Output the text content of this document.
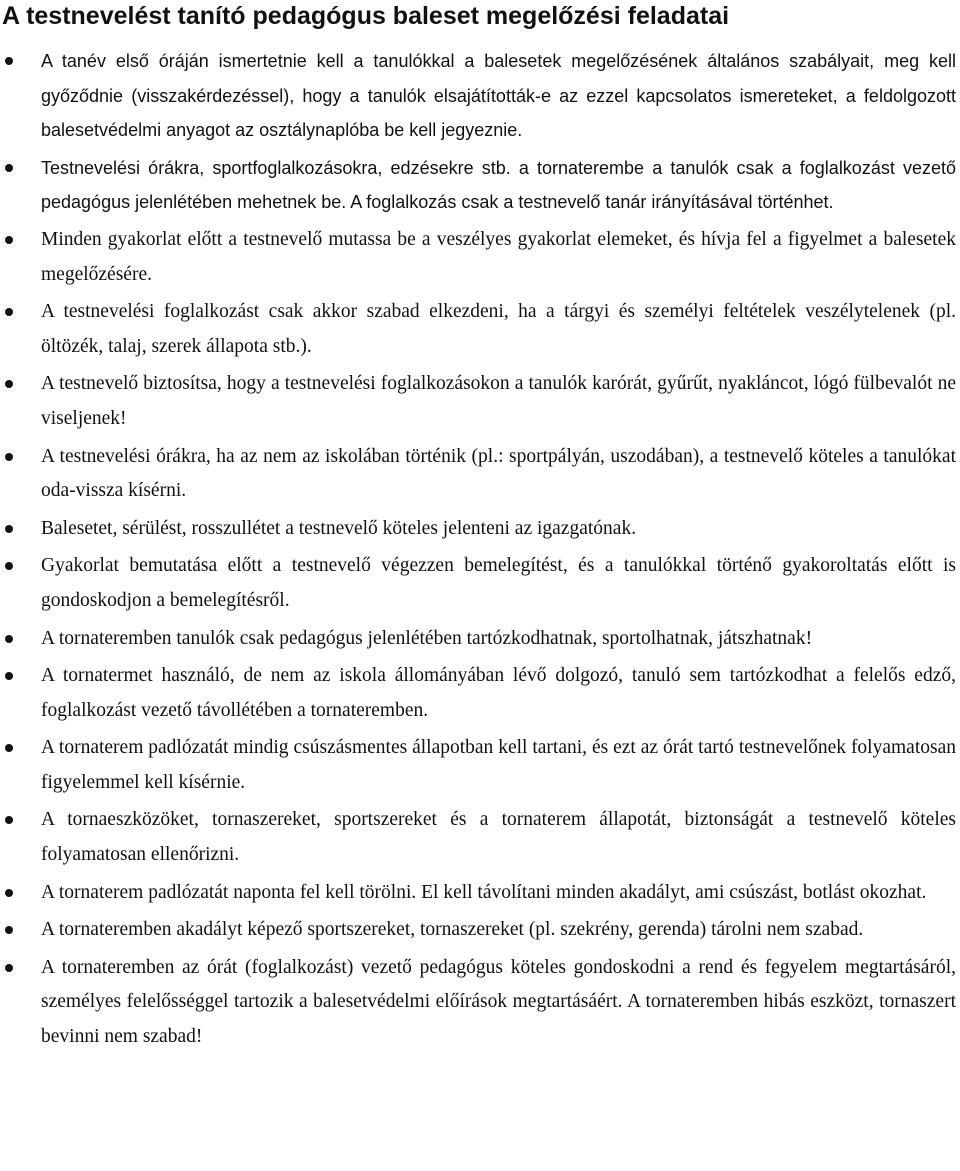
A testnevelést tanító pedagógus baleset megelőzési feladatai
A tanév első óráján ismertetnie kell a tanulókkal a balesetek megelőzésének általános szabályait, meg kell győződnie (visszakérdezéssel), hogy a tanulók elsajátították-e az ezzel kapcsolatos ismereteket, a feldolgozott balesetvédelmi anyagot az osztálynaplóba be kell jegyeznie.
Testnevelési órákra, sportfoglalkozásokra, edzésekre stb. a tornaterembe a tanulók csak a foglalkozást vezető pedagógus jelenlétében mehetnek be. A foglalkozás csak a testnevelő tanár irányításával történhet.
Minden gyakorlat előtt a testnevelő mutassa be a veszélyes gyakorlat elemeket, és hívja fel a figyelmet a balesetek megelőzésére.
A testnevelési foglalkozást csak akkor szabad elkezdeni, ha a tárgyi és személyi feltételek veszélytelenek (pl. öltözék, talaj, szerek állapota stb.).
A testnevelő biztosítsa, hogy a testnevelési foglalkozásokon a tanulók karórát, gyűrűt, nyakláncot, lógó fülbevalót ne viseljenek!
A testnevelési órákra, ha az nem az iskolában történik (pl.: sportpályán, uszodában), a testnevelő köteles a tanulókat oda-vissza kísérni.
Balesetet, sérülést, rosszullétet a testnevelő köteles jelenteni az igazgatónak.
Gyakorlat bemutatása előtt a testnevelő végezzen bemelegítést, és a tanulókkal történő gyakoroltatás előtt is gondoskodjon a bemelegítésről.
A tornateremben tanulók csak pedagógus jelenlétében tartózkodhatnak, sportolhatnak, játszhatnak!
A tornatermet használó, de nem az iskola állományában lévő dolgozó, tanuló sem tartózkodhat a felelős edző, foglalkozást vezető távollétében a tornateremben.
A tornaterem padlózatát mindig csúszásmentes állapotban kell tartani, és ezt az órát tartó testnevelőnek folyamatosan figyelemmel kell kísérnie.
A tornaeszközöket, tornaszereket, sportszereket és a tornaterem állapotát, biztonságát a testnevelő köteles folyamatosan ellenőrizni.
A tornaterem padlózatát naponta fel kell törölni. El kell távolítani minden akadályt, ami csúszást, botlást okozhat.
A tornateremben akadályt képező sportszereket, tornaszereket (pl. szekrény, gerenda) tárolni nem szabad.
A tornateremben az órát (foglalkozást) vezető pedagógus köteles gondoskodni a rend és fegyelem megtartásáról, személyes felelősséggel tartozik a balesetvédelmi előírások megtartásáért. A tornateremben hibás eszközt, tornaszert bevinni nem szabad!
